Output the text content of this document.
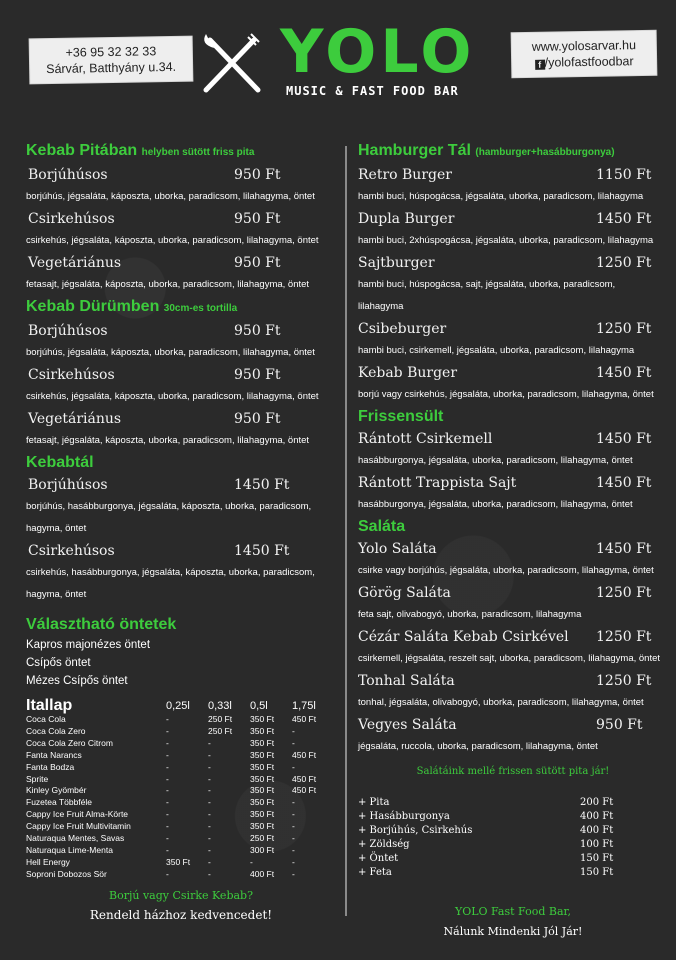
+36 95 32 32 33
Sárvár, Batthyány u.34. YOLO
MUSIC & FAST FOOD BAR
www.yolosarvar.hu
f /yolofastfoodbar
Kebab Pitában helyben sütött friss pita
Borjúhúsos	950 Ft
borjúhús, jégsaláta, káposzta, uborka, paradicsom, lilahagyma, öntet
Csirkehúsos	950 Ft
csirkehús, jégsaláta, káposzta, uborka, paradicsom, lilahagyma, öntet
Vegetáriánus	950 Ft
fetasajt, jégsaláta, káposzta, uborka, paradicsom, lilahagyma, öntet
Kebab Dürümben 30cm-es tortilla
Borjúhúsos	950 Ft
borjúhús, jégsaláta, káposzta, uborka, paradicsom, lilahagyma, öntet
Csirkehúsos	950 Ft
csirkehús, jégsaláta, káposzta, uborka, paradicsom, lilahagyma, öntet
Vegetáriánus	950 Ft
fetasajt, jégsaláta, káposzta, uborka, paradicsom, lilahagyma, öntet
Kebabtál
Borjúhúsos	1450 Ft
borjúhús, hasábburgonya, jégsaláta, káposzta, uborka, paradicsom,
hagyma, öntet
Csirkehúsos	1450 Ft
csirkehús, hasábburgonya, jégsaláta, káposzta, uborka, paradicsom,
hagyma, öntet
Választható öntetek
Kapros majonézes öntet
Csípős öntet
Mézes Csípős öntet
Itallap	0,25l	0,33l	0,5l	1,75l
Coca Cola	-	250 Ft	350 Ft	450 Ft
Coca Cola Zero	-	250 Ft	350 Ft	-
Coca Cola Zero Citrom	-	-	350 Ft	-
Fanta Narancs	-	-	350 Ft	450 Ft
Fanta Bodza	-	-	350 Ft	-
Sprite	-	-	350 Ft	450 Ft
Kinley Gyömbér	-	-	350 Ft	450 Ft
Fuzetea Többféle	-	-	350 Ft	-
Cappy Ice Fruit Alma-Körte	-	-	350 Ft	-
Cappy Ice Fruit Multivitamin	-	-	350 Ft	-
Naturaqua Mentes, Savas	-	-	250 Ft	-
Naturaqua Lime-Menta	-	-	300 Ft	-
Hell Energy	350 Ft	-	-	-
Soproni Dobozos Sör	-	-	400 Ft	-
Borjú vagy Csirke Kebab?
Rendeld házhoz kedvencedet!
Hamburger Tál (hamburger+hasábburgonya)
Retro Burger	1150 Ft
hambi buci, húspogácsa, jégsaláta, uborka, paradicsom, lilahagyma
Dupla Burger	1450 Ft
hambi buci, 2xhúspogácsa, jégsaláta, uborka, paradicsom, lilahagyma
Sajtburger	1250 Ft
hambi buci, húspogácsa, sajt, jégsaláta, uborka, paradicsom,
lilahagyma
Csibeburger	1250 Ft
hambi buci, csirkemell, jégsaláta, uborka, paradicsom, lilahagyma
Kebab Burger	1450 Ft
borjú vagy csirkehús, jégsaláta, uborka, paradicsom, lilahagyma, öntet
Frissensült
Rántott Csirkemell	1450 Ft
hasábburgonya, jégsaláta, uborka, paradicsom, lilahagyma, öntet
Rántott Trappista Sajt	1450 Ft
hasábburgonya, jégsaláta, uborka, paradicsom, lilahagyma, öntet
Saláta
Yolo Saláta	1450 Ft
csirke vagy borjúhús, jégsaláta, uborka, paradicsom, lilahagyma, öntet
Görög Saláta	1250 Ft
feta sajt, olivabogyó, uborka, paradicsom, lilahagyma
Cézár Saláta Kebab Csirkével 1250 Ft
csirkemell, jégsaláta, reszelt sajt, uborka, paradicsom, lilahagyma, öntet
Tonhal Saláta	1250 Ft
tonhal, jégsaláta, olivabogyó, uborka, paradicsom, lilahagyma, öntet
Vegyes Saláta	950 Ft
jégsaláta, ruccola, uborka, paradicsom, lilahagyma, öntet
Salátáink mellé frissen sütött pita jár!
+ Pita	200 Ft
+ Hasábburgonya	400 Ft
+ Borjúhús, Csirkehús	400 Ft
+ Zöldség	100 Ft
+ Öntet	150 Ft
+ Feta	150 Ft
YOLO Fast Food Bar,
Nálunk Mindenki Jól Jár!
